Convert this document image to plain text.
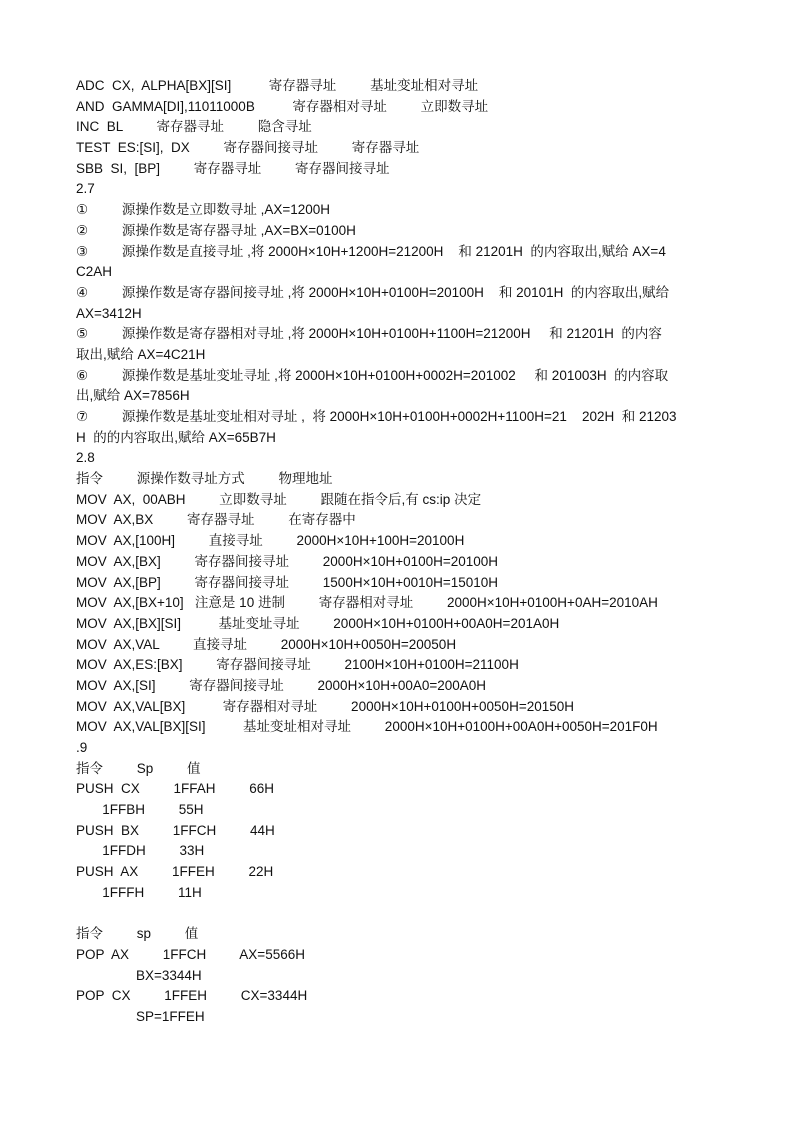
ADC  CX,  ALPHA[BX][SI]          寄存器寻址         基址变址相对寻址
AND  GAMMA[DI],11011000B          寄存器相对寻址         立即数寻址
INC  BL         寄存器寻址         隐含寻址
TEST  ES:[SI],  DX         寄存器间接寻址         寄存器寻址
SBB  SI,  [BP]         寄存器寻址         寄存器间接寻址
2.7
①         源操作数是立即数寻址 ,AX=1200H
②         源操作数是寄存器寻址 ,AX=BX=0100H
③         源操作数是直接寻址 ,将 2000H×10H+1200H=21200H    和 21201H  的内容取出,赋给 AX=4
C2AH
④         源操作数是寄存器间接寻址 ,将 2000H×10H+0100H=20100H    和 20101H  的内容取出,赋给
AX=3412H
⑤         源操作数是寄存器相对寻址 ,将 2000H×10H+0100H+1100H=21200H     和 21201H  的内容
取出,赋给 AX=4C21H
⑥         源操作数是基址变址寻址 ,将 2000H×10H+0100H+0002H=201002     和 201003H  的内容取
出,赋给 AX=7856H
⑦         源操作数是基址变址相对寻址 ,  将 2000H×10H+0100H+0002H+1100H=21    202H  和 21203
H  的的内容取出,赋给 AX=65B7H
2.8
指令         源操作数寻址方式         物理地址
MOV  AX,  00ABH         立即数寻址         跟随在指令后,有 cs:ip 决定
MOV  AX,BX         寄存器寻址         在寄存器中
MOV  AX,[100H]         直接寻址         2000H×10H+100H=20100H
MOV  AX,[BX]         寄存器间接寻址         2000H×10H+0100H=20100H
MOV  AX,[BP]         寄存器间接寻址         1500H×10H+0010H=15010H
MOV  AX,[BX+10]   注意是 10 进制         寄存器相对寻址         2000H×10H+0100H+0AH=2010AH
MOV  AX,[BX][SI]          基址变址寻址         2000H×10H+0100H+00A0H=201A0H
MOV  AX,VAL         直接寻址         2000H×10H+0050H=20050H
MOV  AX,ES:[BX]         寄存器间接寻址         2100H×10H+0100H=21100H
MOV  AX,[SI]         寄存器间接寻址         2000H×10H+00A0=200A0H
MOV  AX,VAL[BX]          寄存器相对寻址         2000H×10H+0100H+0050H=20150H
MOV  AX,VAL[BX][SI]          基址变址相对寻址         2000H×10H+0100H+00A0H+0050H=201F0H
.9
指令         Sp         值
PUSH  CX         1FFAH         66H
1FFBH         55H
PUSH  BX         1FFCH         44H
1FFDH         33H
PUSH  AX         1FFEH         22H
1FFFH         11H
指令         sp         值
POP  AX         1FFCH         AX=5566H
BX=3344H
POP  CX         1FFEH         CX=3344H
SP=1FFEH
